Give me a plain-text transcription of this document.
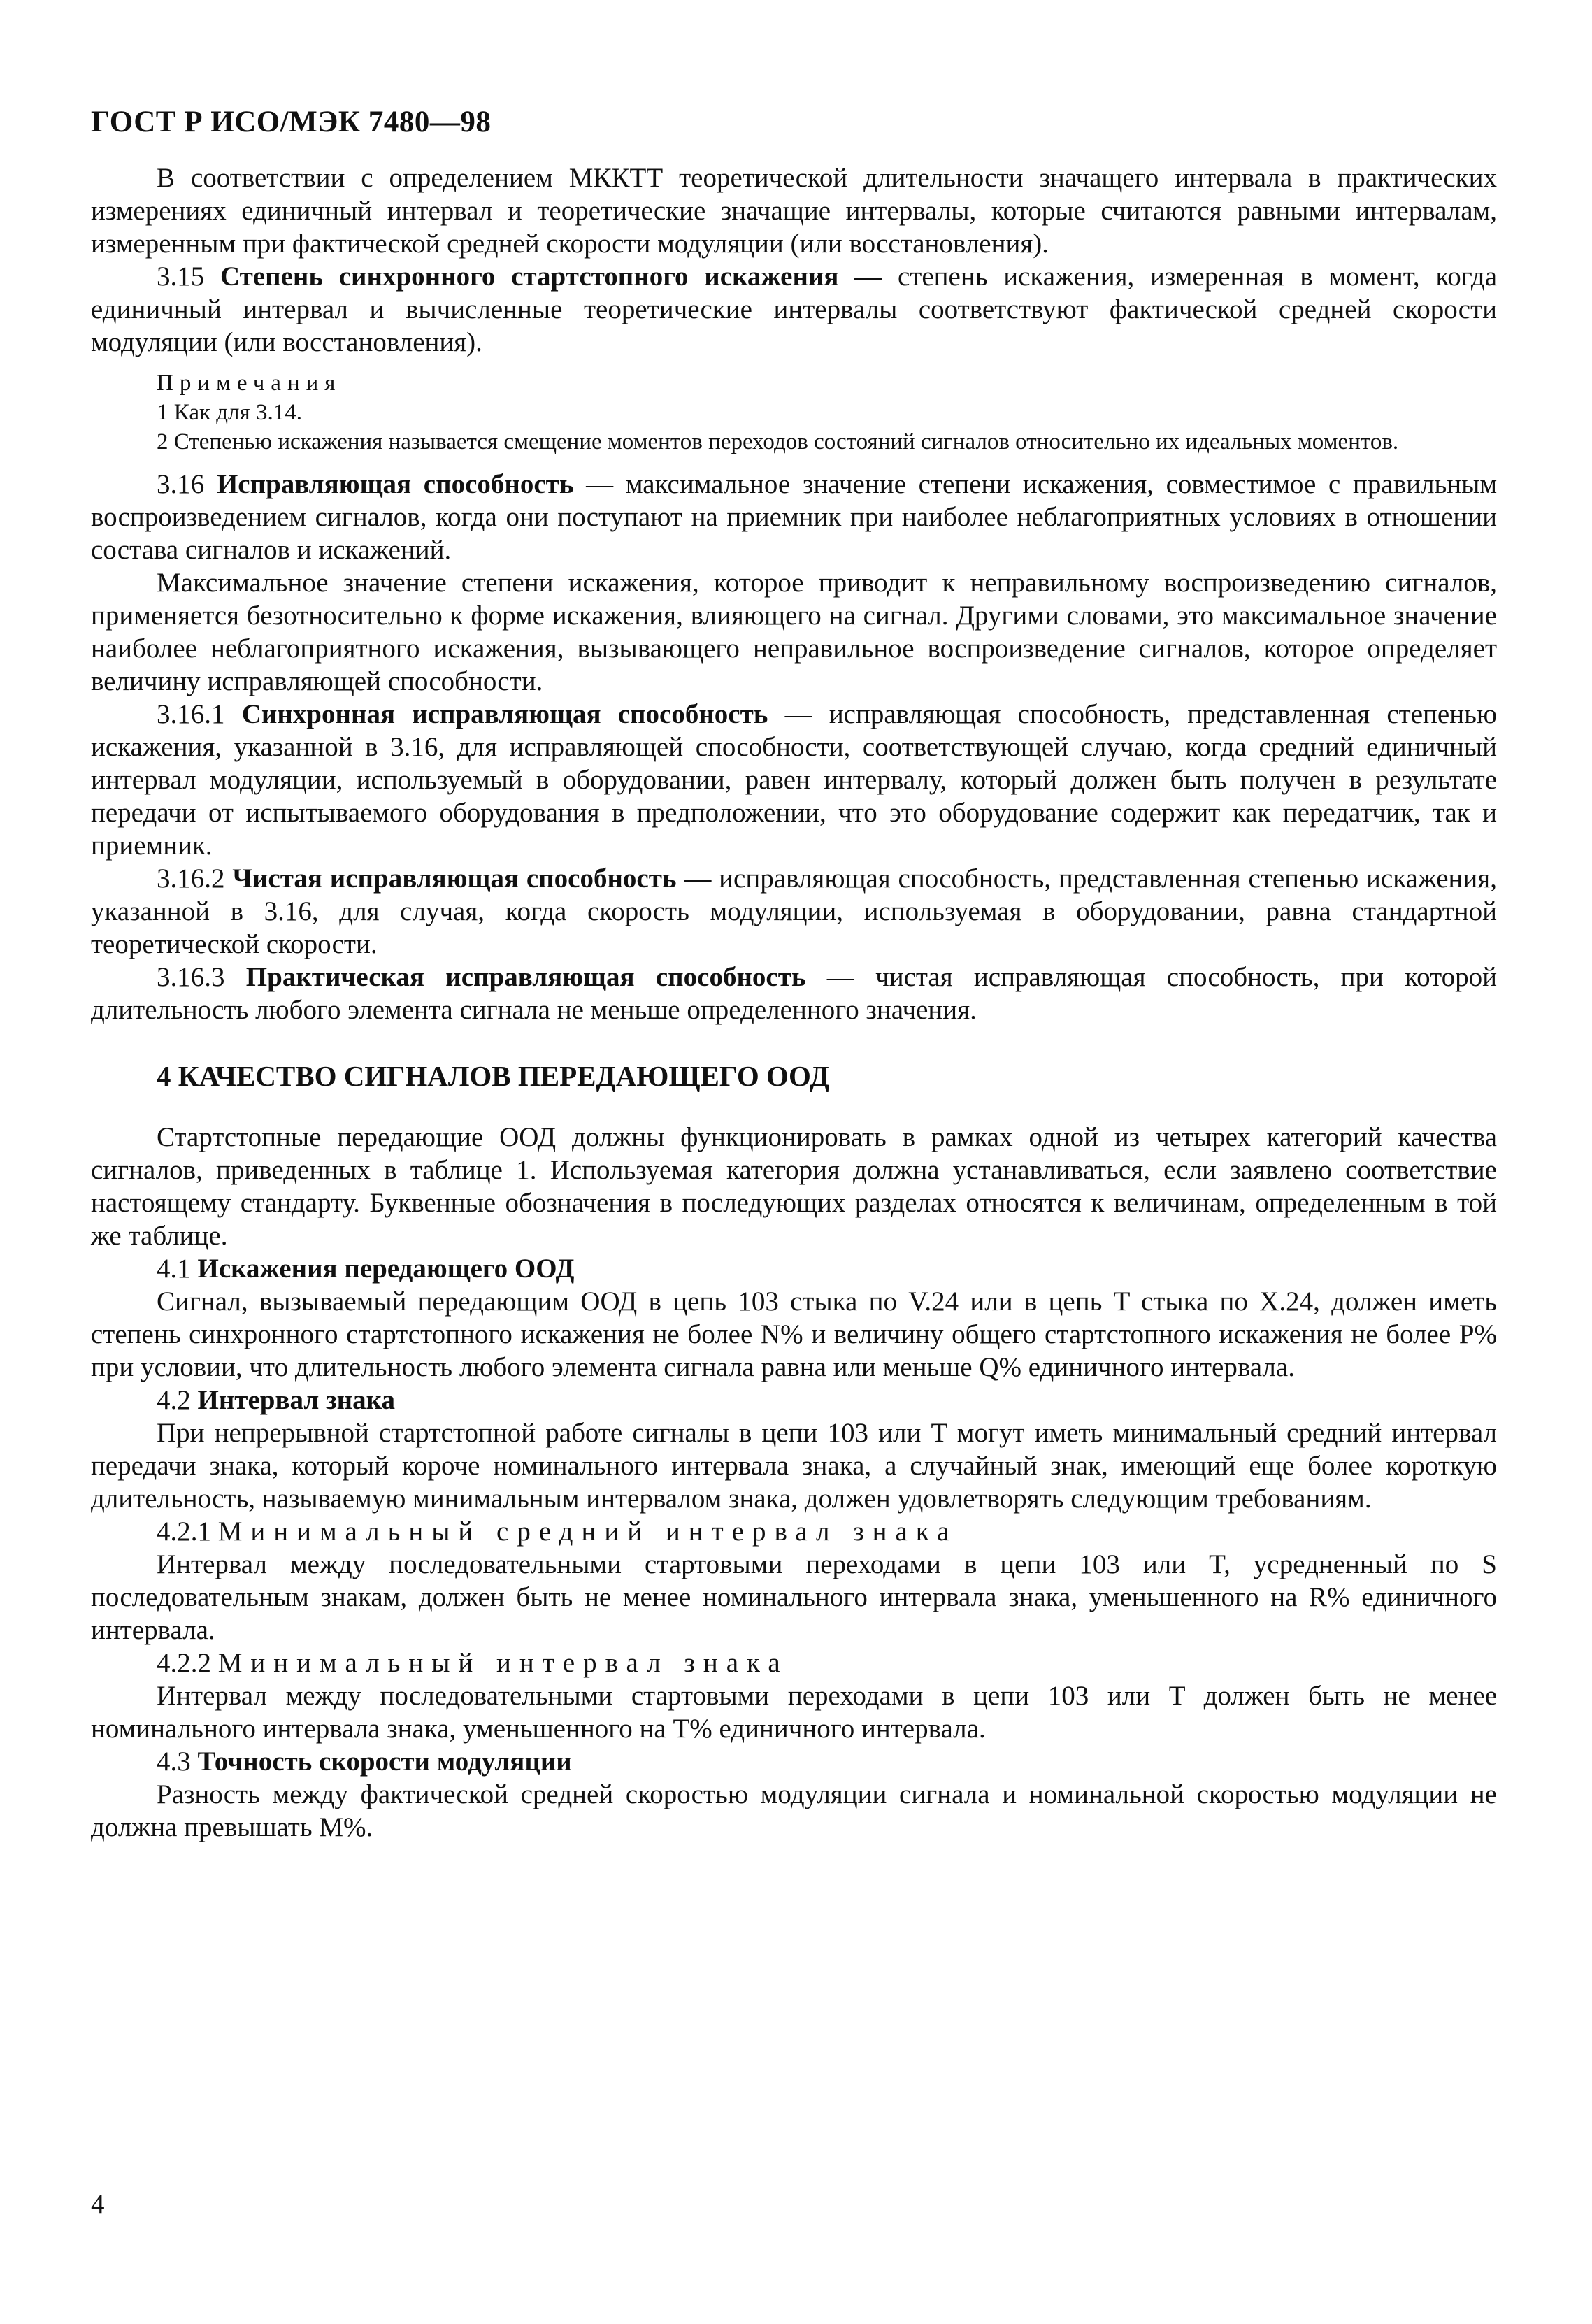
ГОСТ Р ИСО/МЭК 7480—98

В соответствии с определением МККТТ теоретической длительности значащего интервала в практических измерениях единичный интервал и теоретические значащие интервалы, которые считаются равными интервалам, измеренным при фактической средней скорости модуляции (или восстановления).

3.15 Степень синхронного стартстопного искажения — степень искажения, измеренная в момент, когда единичный интервал и вычисленные теоретические интервалы соответствуют фактической средней скорости модуляции (или восстановления).

Примечания

1 Как для 3.14.

2 Степенью искажения называется смещение моментов переходов состояний сигналов относительно их идеальных моментов.

3.16 Исправляющая способность — максимальное значение степени искажения, совместимое с правильным воспроизведением сигналов, когда они поступают на приемник при наиболее неблагоприятных условиях в отношении состава сигналов и искажений.

Максимальное значение степени искажения, которое приводит к неправильному воспроизведению сигналов, применяется безотносительно к форме искажения, влияющего на сигнал. Другими словами, это максимальное значение наиболее неблагоприятного искажения, вызывающего неправильное воспроизведение сигналов, которое определяет величину исправляющей способности.

3.16.1 Синхронная исправляющая способность — исправляющая способность, представленная степенью искажения, указанной в 3.16, для исправляющей способности, соответствующей случаю, когда средний единичный интервал модуляции, используемый в оборудовании, равен интервалу, который должен быть получен в результате передачи от испытываемого оборудования в предположении, что это оборудование содержит как передатчик, так и приемник.

3.16.2 Чистая исправляющая способность — исправляющая способность, представленная степенью искажения, указанной в 3.16, для случая, когда скорость модуляции, используемая в оборудовании, равна стандартной теоретической скорости.

3.16.3 Практическая исправляющая способность — чистая исправляющая способность, при которой длительность любого элемента сигнала не меньше определенного значения.

4 КАЧЕСТВО СИГНАЛОВ ПЕРЕДАЮЩЕГО ООД

Стартстопные передающие ООД должны функционировать в рамках одной из четырех категорий качества сигналов, приведенных в таблице 1. Используемая категория должна устанавливаться, если заявлено соответствие настоящему стандарту. Буквенные обозначения в последующих разделах относятся к величинам, определенным в той же таблице.

4.1 Искажения передающего ООД

Сигнал, вызываемый передающим ООД в цепь 103 стыка по V.24 или в цепь T стыка по X.24, должен иметь степень синхронного стартстопного искажения не более N% и величину общего стартстопного искажения не более P% при условии, что длительность любого элемента сигнала равна или меньше Q% единичного интервала.

4.2 Интервал знака

При непрерывной стартстопной работе сигналы в цепи 103 или T могут иметь минимальный средний интервал передачи знака, который короче номинального интервала знака, а случайный знак, имеющий еще более короткую длительность, называемую минимальным интервалом знака, должен удовлетворять следующим требованиям.

4.2.1 Минимальный средний интервал знака

Интервал между последовательными стартовыми переходами в цепи 103 или T, усредненный по S последовательным знакам, должен быть не менее номинального интервала знака, уменьшенного на R% единичного интервала.

4.2.2 Минимальный интервал знака

Интервал между последовательными стартовыми переходами в цепи 103 или T должен быть не менее номинального интервала знака, уменьшенного на T% единичного интервала.

4.3 Точность скорости модуляции

Разность между фактической средней скоростью модуляции сигнала и номинальной скоростью модуляции не должна превышать M%.

4
